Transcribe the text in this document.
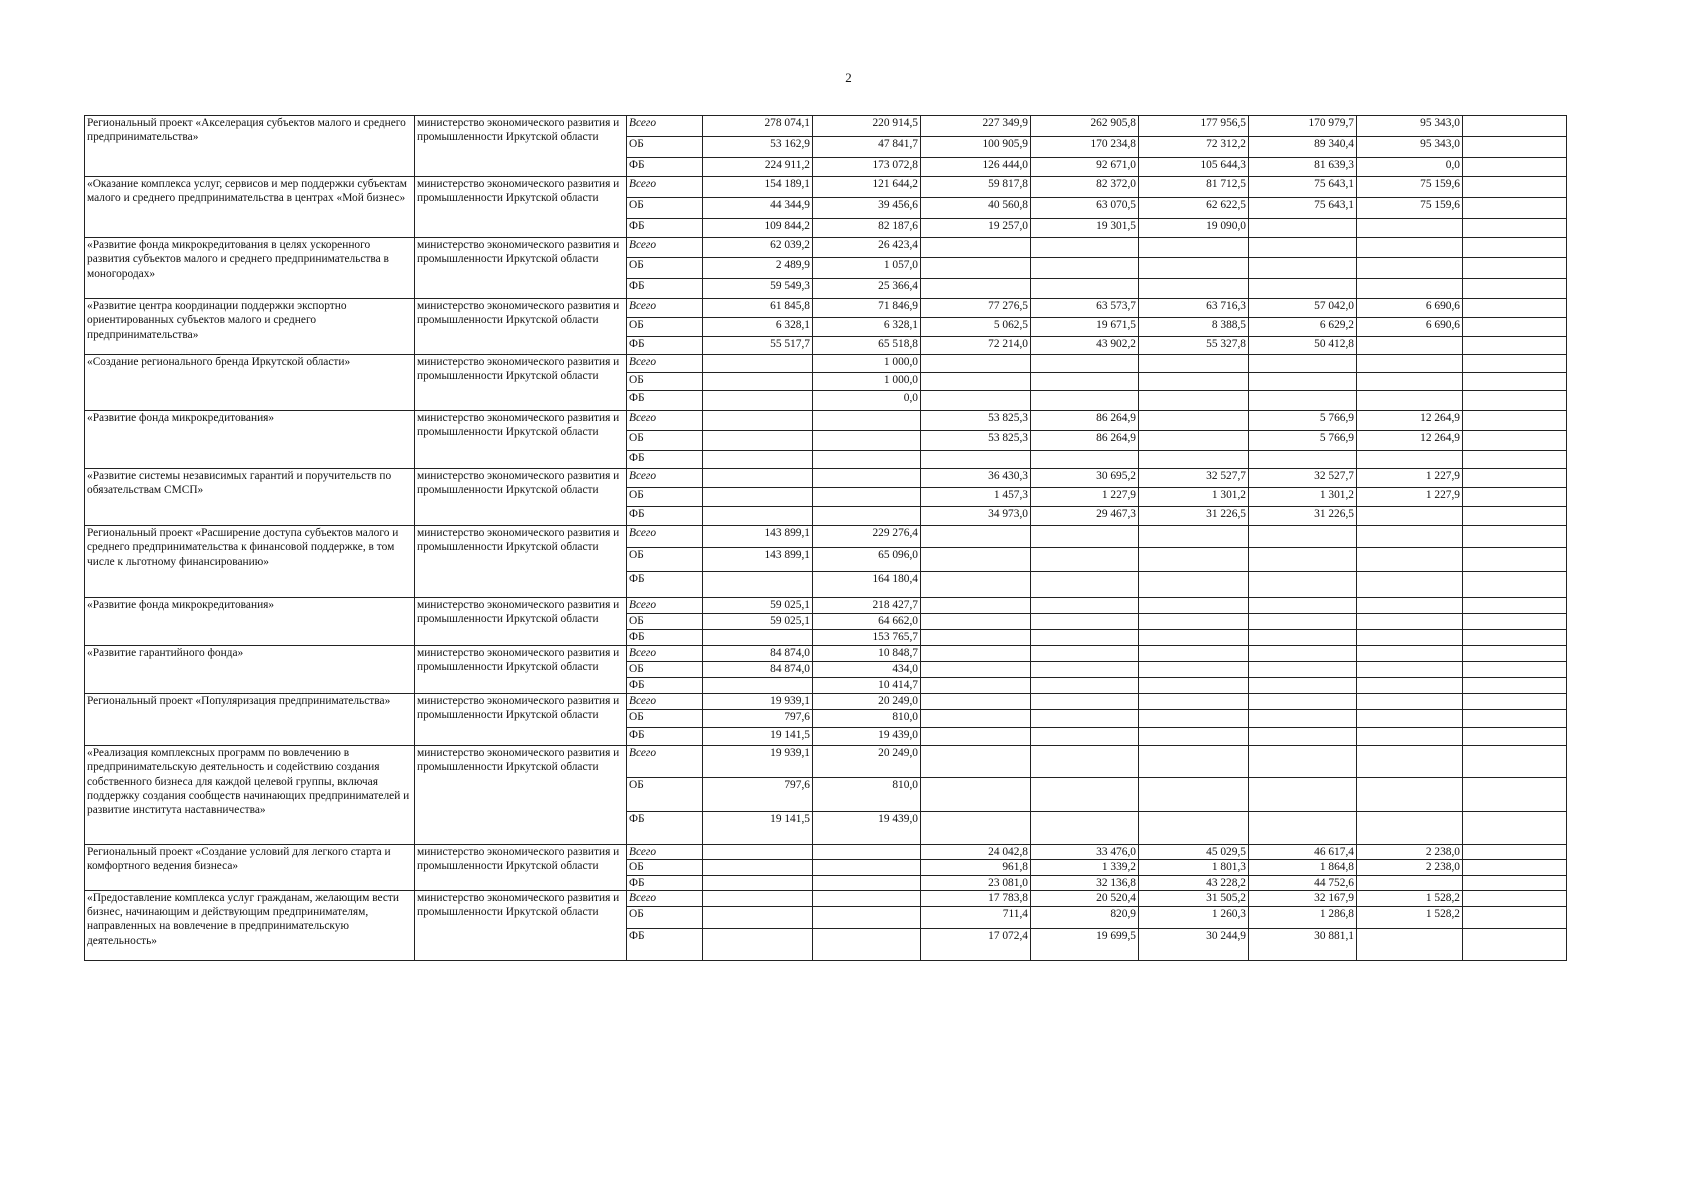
2
Региональный проект «Акселерация субъектов малого и среднего предпринимательства»	министерство экономического развития и промышленности Иркутской области	Всего	278 074,1	220 914,5	227 349,9	262 905,8	177 956,5	170 979,7	95 343,0	
		ОБ	53 162,9	47 841,7	100 905,9	170 234,8	72 312,2	89 340,4	95 343,0	
		ФБ	224 911,2	173 072,8	126 444,0	92 671,0	105 644,3	81 639,3	0,0	
«Оказание комплекса услуг, сервисов и мер поддержки субъектам малого и среднего предпринимательства в центрах «Мой бизнес»	министерство экономического развития и промышленности Иркутской области	Всего	154 189,1	121 644,2	59 817,8	82 372,0	81 712,5	75 643,1	75 159,6	
		ОБ	44 344,9	39 456,6	40 560,8	63 070,5	62 622,5	75 643,1	75 159,6	
		ФБ	109 844,2	82 187,6	19 257,0	19 301,5	19 090,0			
«Развитие фонда микрокредитования в целях ускоренного развития субъектов малого и среднего предпринимательства в моногородах»	министерство экономического развития и промышленности Иркутской области	Всего	62 039,2	26 423,4						
		ОБ	2 489,9	1 057,0						
		ФБ	59 549,3	25 366,4						
«Развитие центра координации поддержки экспортно ориентированных субъектов малого и среднего предпринимательства»	министерство экономического развития и промышленности Иркутской области	Всего	61 845,8	71 846,9	77 276,5	63 573,7	63 716,3	57 042,0	6 690,6	
		ОБ	6 328,1	6 328,1	5 062,5	19 671,5	8 388,5	6 629,2	6 690,6	
		ФБ	55 517,7	65 518,8	72 214,0	43 902,2	55 327,8	50 412,8		
«Создание регионального бренда Иркутской области»	министерство экономического развития и промышленности Иркутской области	Всего		1 000,0						
		ОБ		1 000,0						
		ФБ		0,0						
«Развитие фонда микрокредитования»	министерство экономического развития и промышленности Иркутской области	Всего			53 825,3	86 264,9		5 766,9	12 264,9	
		ОБ			53 825,3	86 264,9		5 766,9	12 264,9	
		ФБ								
«Развитие системы независимых гарантий и поручительств по обязательствам СМСП»	министерство экономического развития и промышленности Иркутской области	Всего			36 430,3	30 695,2	32 527,7	32 527,7	1 227,9	
		ОБ			1 457,3	1 227,9	1 301,2	1 301,2	1 227,9	
		ФБ			34 973,0	29 467,3	31 226,5	31 226,5		
Региональный проект «Расширение доступа субъектов малого и среднего предпринимательства к финансовой поддержке, в том числе к льготному финансированию»	министерство экономического развития и промышленности Иркутской области	Всего	143 899,1	229 276,4						
		ОБ	143 899,1	65 096,0						
		ФБ		164 180,4						
«Развитие фонда микрокредитования»	министерство экономического развития и промышленности Иркутской области	Всего	59 025,1	218 427,7						
		ОБ	59 025,1	64 662,0						
		ФБ		153 765,7						
«Развитие гарантийного фонда»	министерство экономического развития и промышленности Иркутской области	Всего	84 874,0	10 848,7						
		ОБ	84 874,0	434,0						
		ФБ		10 414,7						
Региональный проект «Популяризация предпринимательства»	министерство экономического развития и промышленности Иркутской области	Всего	19 939,1	20 249,0						
		ОБ	797,6	810,0						
		ФБ	19 141,5	19 439,0						
«Реализация комплексных программ по вовлечению в предпринимательскую деятельность и содействию создания собственного бизнеса для каждой целевой группы, включая поддержку создания сообществ начинающих предпринимателей и развитие института наставничества»	министерство экономического развития и промышленности Иркутской области	Всего	19 939,1	20 249,0						
		ОБ	797,6	810,0						
		ФБ	19 141,5	19 439,0						
Региональный проект «Создание условий для легкого старта и комфортного ведения бизнеса»	министерство экономического развития и промышленности Иркутской области	Всего			24 042,8	33 476,0	45 029,5	46 617,4	2 238,0	
		ОБ			961,8	1 339,2	1 801,3	1 864,8	2 238,0	
		ФБ			23 081,0	32 136,8	43 228,2	44 752,6		
«Предоставление комплекса услуг гражданам, желающим вести бизнес, начинающим и действующим предпринимателям, направленных на вовлечение в предпринимательскую деятельность»	министерство экономического развития и промышленности Иркутской области	Всего			17 783,8	20 520,4	31 505,2	32 167,9	1 528,2	
		ОБ			711,4	820,9	1 260,3	1 286,8	1 528,2	
		ФБ			17 072,4	19 699,5	30 244,9	30 881,1		
